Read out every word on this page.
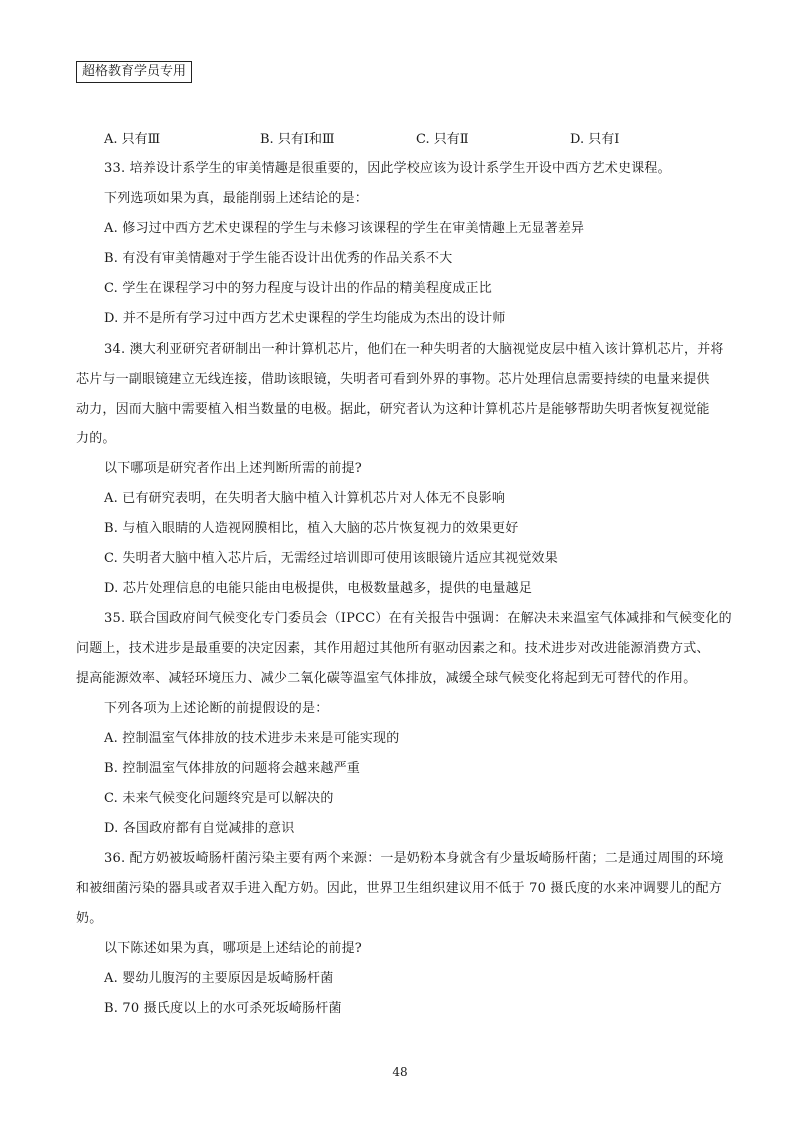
超格教育学员专用
A. 只有Ⅲ	B. 只有Ⅰ和Ⅲ	C. 只有Ⅱ	D. 只有Ⅰ
33. 培养设计系学生的审美情趣是很重要的，因此学校应该为设计系学生开设中西方艺术史课程。
下列选项如果为真，最能削弱上述结论的是：
A. 修习过中西方艺术史课程的学生与未修习该课程的学生在审美情趣上无显著差异
B. 有没有审美情趣对于学生能否设计出优秀的作品关系不大
C. 学生在课程学习中的努力程度与设计出的作品的精美程度成正比
D. 并不是所有学习过中西方艺术史课程的学生均能成为杰出的设计师
34. 澳大利亚研究者研制出一种计算机芯片，他们在一种失明者的大脑视觉皮层中植入该计算机芯片，并将
芯片与一副眼镜建立无线连接，借助该眼镜，失明者可看到外界的事物。芯片处理信息需要持续的电量来提供
动力，因而大脑中需要植入相当数量的电极。据此，研究者认为这种计算机芯片是能够帮助失明者恢复视觉能
力的。
以下哪项是研究者作出上述判断所需的前提?
A. 已有研究表明，在失明者大脑中植入计算机芯片对人体无不良影响
B. 与植入眼睛的人造视网膜相比，植入大脑的芯片恢复视力的效果更好
C. 失明者大脑中植入芯片后，无需经过培训即可使用该眼镜片适应其视觉效果
D. 芯片处理信息的电能只能由电极提供，电极数量越多，提供的电量越足
35. 联合国政府间气候变化专门委员会（IPCC）在有关报告中强调：在解决未来温室气体减排和气候变化的
问题上，技术进步是最重要的决定因素，其作用超过其他所有驱动因素之和。技术进步对改进能源消费方式、
提高能源效率、减轻环境压力、减少二氧化碳等温室气体排放，减缓全球气候变化将起到无可替代的作用。
下列各项为上述论断的前提假设的是：
A. 控制温室气体排放的技术进步未来是可能实现的
B. 控制温室气体排放的问题将会越来越严重
C. 未来气候变化问题终究是可以解决的
D. 各国政府都有自觉减排的意识
36. 配方奶被坂崎肠杆菌污染主要有两个来源：一是奶粉本身就含有少量坂崎肠杆菌；二是通过周围的环境
和被细菌污染的器具或者双手进入配方奶。因此，世界卫生组织建议用不低于 70 摄氏度的水来冲调婴儿的配方
奶。
以下陈述如果为真，哪项是上述结论的前提?
A. 婴幼儿腹泻的主要原因是坂崎肠杆菌
B. 70 摄氏度以上的水可杀死坂崎肠杆菌
48
